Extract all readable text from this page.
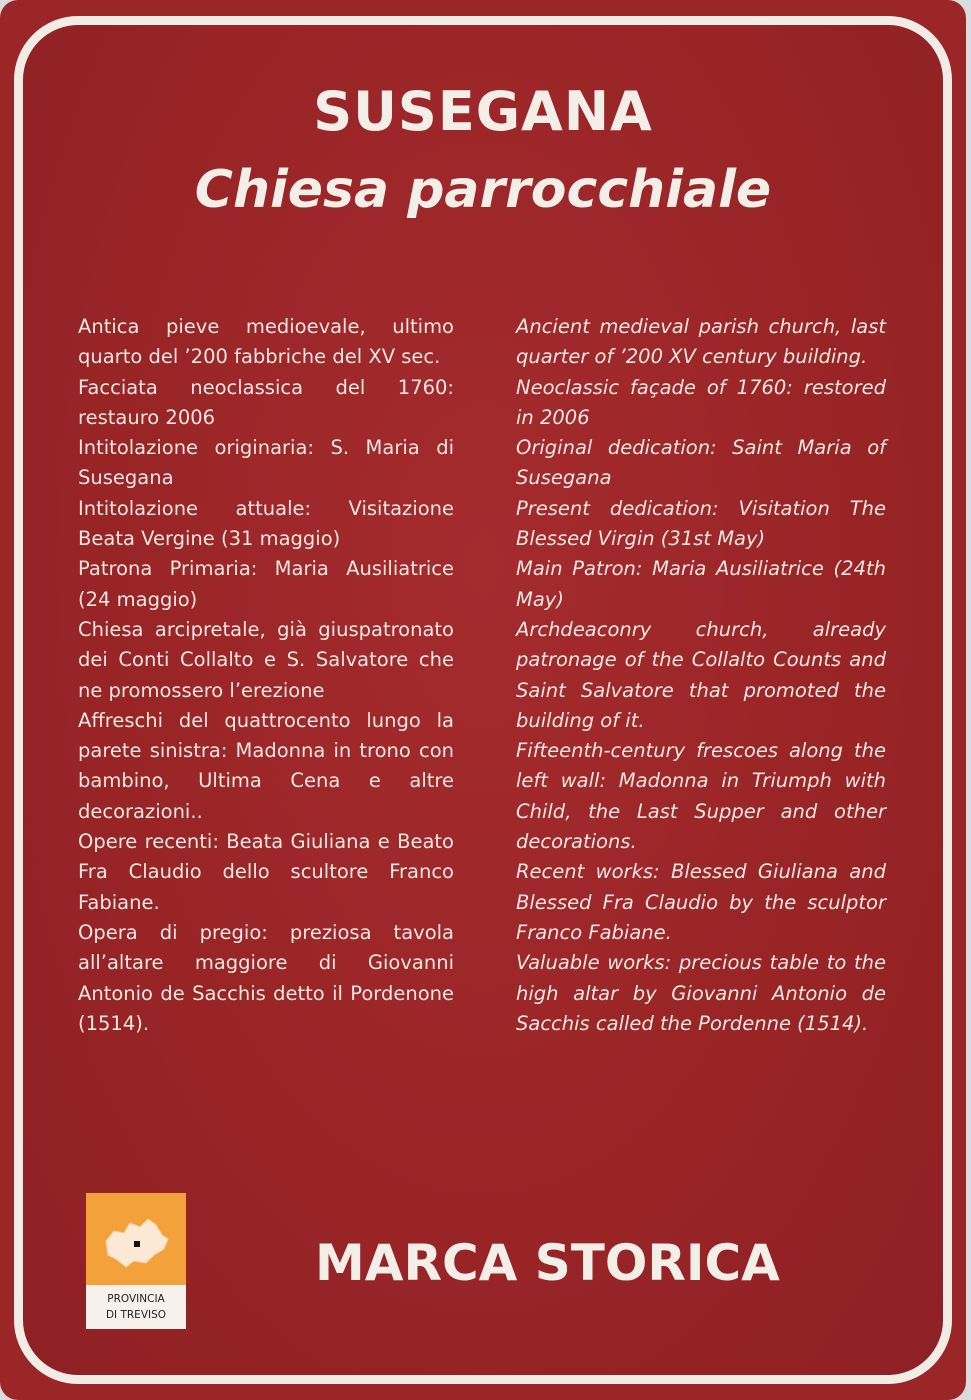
SUSEGANA
Chiesa parrocchiale

Antica pieve medioevale, ultimo quarto del ’200 fabbriche del XV sec.

Facciata neoclassica del 1760: restauro 2006

Intitolazione originaria: S. Maria di Susegana

Intitolazione attuale: Visitazione Beata Vergine (31 maggio)

Patrona Primaria: Maria Ausiliatrice (24 maggio)

Chiesa arcipretale, già giuspatronato dei Conti Collalto e S. Salvatore che ne promossero l’erezione

Affreschi del quattrocento lungo la parete sinistra: Madonna in trono con bambino, Ultima Cena e altre decorazioni..

Opere recenti: Beata Giuliana e Beato Fra Claudio dello scultore Franco Fabiane.

Opera di pregio: preziosa tavola all’altare maggiore di Giovanni Antonio de Sacchis detto il Pordenone (1514).

Ancient medieval parish church, last quarter of ’200 XV century building.

Neoclassic façade of 1760: restored in 2006

Original dedication: Saint Maria of Susegana

Present dedication: Visitation The Blessed Virgin (31st May)

Main Patron: Maria Ausiliatrice (24th May)

Archdeaconry church, already patronage of the Collalto Counts and Saint Salvatore that promoted the building of it.

Fifteenth-century frescoes along the left wall: Madonna in Triumph with Child, the Last Supper and other decorations.

Recent works: Blessed Giuliana and Blessed Fra Claudio by the sculptor Franco Fabiane.

Valuable works: precious table to the high altar by Giovanni Antonio de Sacchis called the Pordenne (1514).

PROVINCIA
DI TREVISO
MARCA STORICA
